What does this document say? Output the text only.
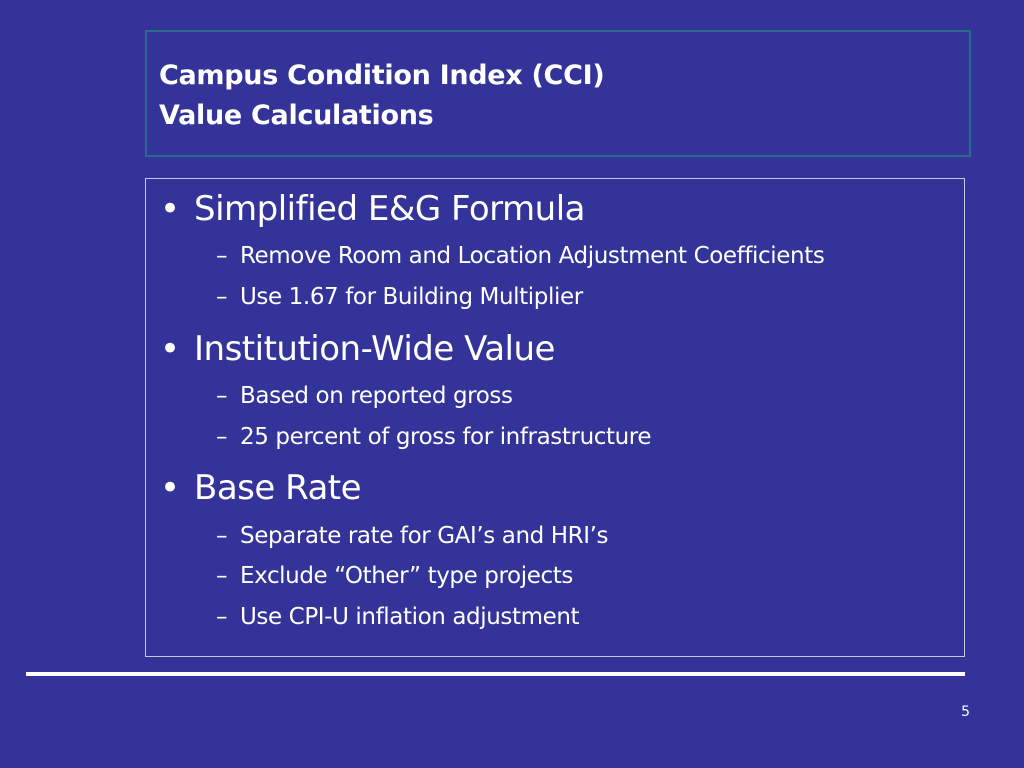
Campus Condition Index (CCI)
Value Calculations
• Simplified E&G Formula
– Remove Room and Location Adjustment Coefficients
– Use 1.67 for Building Multiplier
• Institution-Wide Value
– Based on reported gross
– 25 percent of gross for infrastructure
• Base Rate
– Separate rate for GAI’s and HRI’s
– Exclude “Other” type projects
– Use CPI-U inflation adjustment
5
